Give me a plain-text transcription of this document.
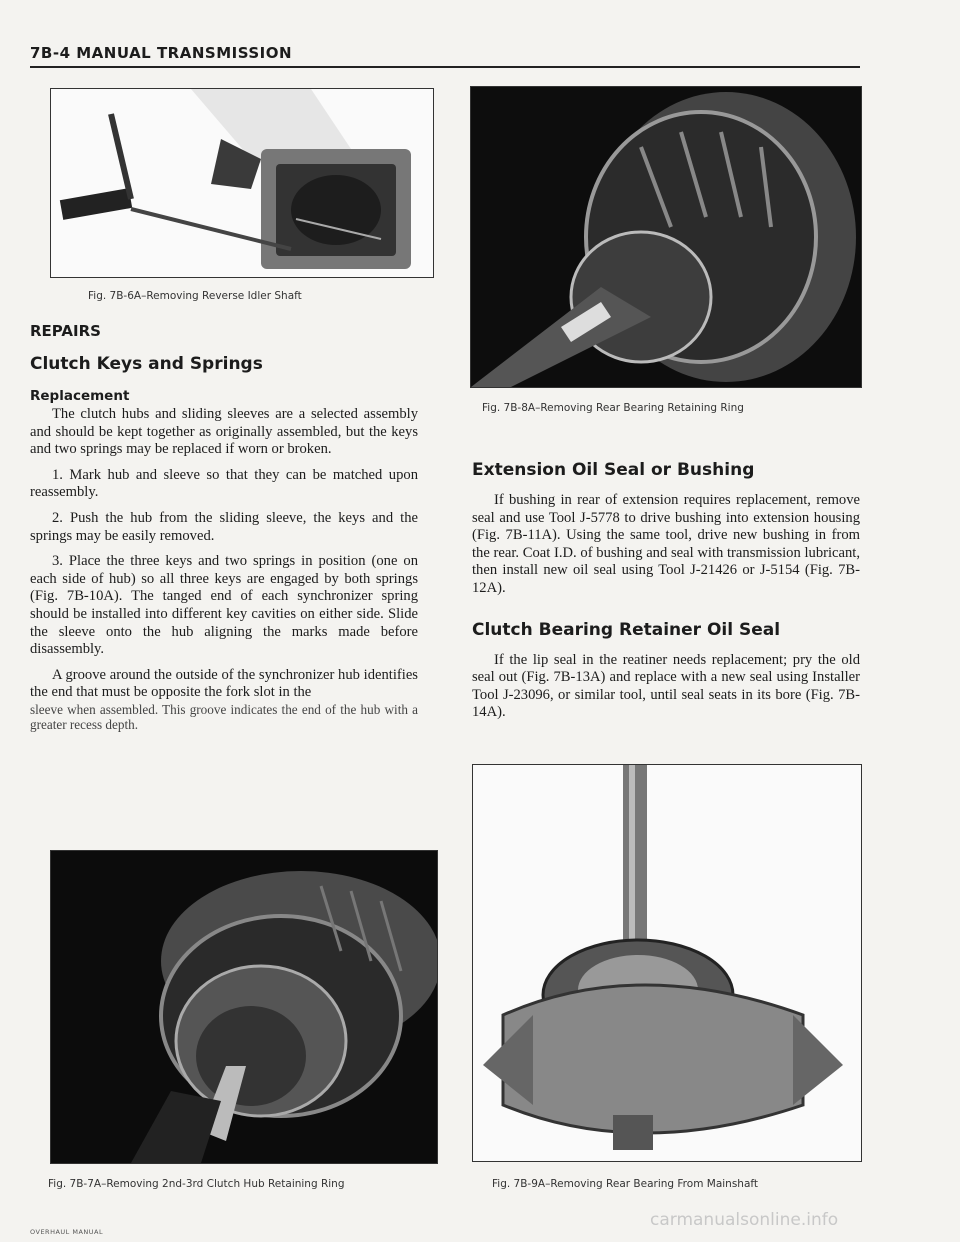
7B-4 MANUAL TRANSMISSION
Fig. 7B-6A–Removing Reverse Idler Shaft
REPAIRS
Clutch Keys and Springs
Replacement

The clutch hubs and sliding sleeves are a selected assembly and should be kept together as originally assembled, but the keys and two springs may be replaced if worn or broken.

1. Mark hub and sleeve so that they can be matched upon reassembly.

2. Push the hub from the sliding sleeve, the keys and the springs may be easily removed.

3. Place the three keys and two springs in position (one on each side of hub) so all three keys are engaged by both springs (Fig. 7B-10A). The tanged end of each synchronizer spring should be installed into different key cavities on either side. Slide the sleeve onto the hub aligning the marks made before disassembly.

A groove around the outside of the synchronizer hub identifies the end that must be opposite the fork slot in the

sleeve when assembled. This groove indicates the end of the hub with a greater recess depth.

Fig. 7B-7A–Removing 2nd-3rd Clutch Hub Retaining Ring
Fig. 7B-8A–Removing Rear Bearing Retaining Ring
Extension Oil Seal or Bushing

If bushing in rear of extension requires replacement, remove seal and use Tool J-5778 to drive bushing into extension housing (Fig. 7B-11A). Using the same tool, drive new bushing in from the rear. Coat I.D. of bushing and seal with transmission lubricant, then install new oil seal using Tool J-21426 or J-5154 (Fig. 7B-12A).

Clutch Bearing Retainer Oil Seal

If the lip seal in the reatiner needs replacement; pry the old seal out (Fig. 7B-13A) and replace with a new seal using Installer Tool J-23096, or similar tool, until seal seats in its bore (Fig. 7B-14A).

Fig. 7B-9A–Removing Rear Bearing From Mainshaft
OVERHAUL MANUAL
carmanualsonline.info
